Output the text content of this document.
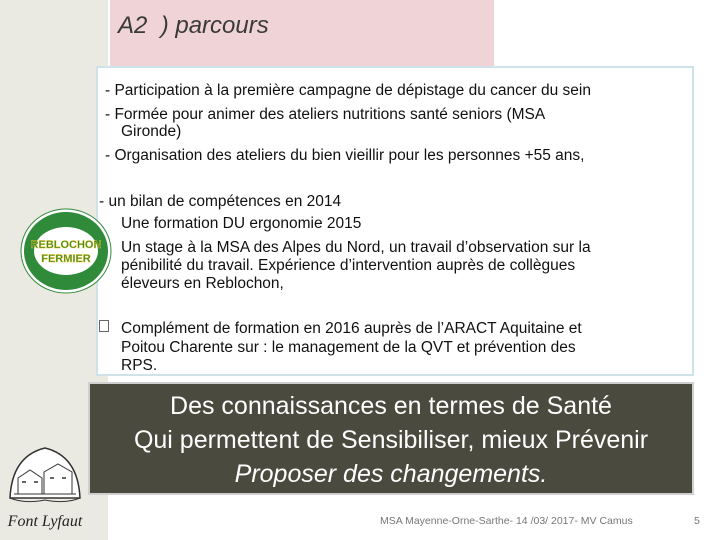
A2  ) parcours
- Participation à la première campagne de dépistage du cancer du sein
- Formée pour animer des ateliers nutritions santé seniors (MSA
Gironde)
- Organisation des ateliers du bien vieillir pour les personnes +55 ans,
- un bilan de compétences en 2014
Une formation DU ergonomie 2015
Un stage à la MSA des Alpes du Nord, un travail d’observation sur la
pénibilité du travail. Expérience d’intervention auprès de collègues
éleveurs en Reblochon,
Complément de formation en 2016 auprès de l’ARACT Aquitaine et
Poitou Charente sur : le management de la QVT et prévention des
RPS.
Des connaissances en termes de Santé
Qui permettent de Sensibiliser, mieux Prévenir
Proposer des changements.
MSA Mayenne-Orne-Sarthe- 14 /03/ 2017- MV Camus	5
REBLOCHON
FERMIER
Font Lyfaut
